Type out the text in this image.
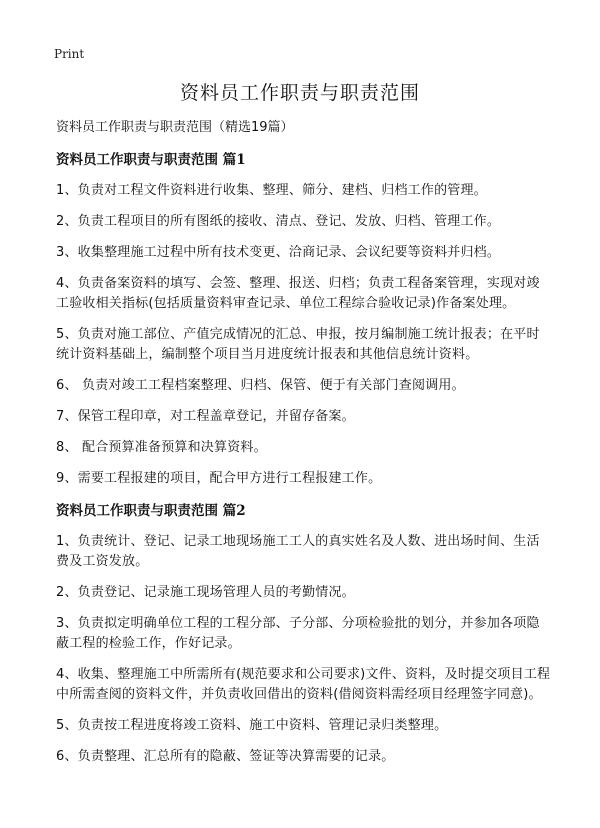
Print
资料员工作职责与职责范围

资料员工作职责与职责范围（精选19篇）

资料员工作职责与职责范围 篇1

1、负责对工程文件资料进行收集、整理、筛分、建档、归档工作的管理。

2、负责工程项目的所有图纸的接收、清点、登记、发放、归档、管理工作。

3、收集整理施工过程中所有技术变更、洽商记录、会议纪要等资料并归档。

4、负责备案资料的填写、会签、整理、报送、归档；负责工程备案管理，实现对竣工验收相关指标(包括质量资料审查记录、单位工程综合验收记录)作备案处理。

5、负责对施工部位、产值完成情况的汇总、申报，按月编制施工统计报表；在平时统计资料基础上，编制整个项目当月进度统计报表和其他信息统计资料。

6、 负责对竣工工程档案整理、归档、保管、便于有关部门查阅调用。

7、保管工程印章，对工程盖章登记，并留存备案。

8、 配合预算准备预算和决算资料。

9、需要工程报建的项目，配合甲方进行工程报建工作。

资料员工作职责与职责范围 篇2

1、负责统计、登记、记录工地现场施工工人的真实姓名及人数、进出场时间、生活费及工资发放。

2、负责登记、记录施工现场管理人员的考勤情况。

3、负责拟定明确单位工程的工程分部、子分部、分项检验批的划分，并参加各项隐蔽工程的检验工作，作好记录。

4、收集、整理施工中所需所有(规范要求和公司要求)文件、资料，及时提交项目工程中所需查阅的资料文件，并负责收回借出的资料(借阅资料需经项目经理签字同意)。

5、负责按工程进度将竣工资料、施工中资料、管理记录归类整理。

6、负责整理、汇总所有的隐蔽、签证等决算需要的记录。
